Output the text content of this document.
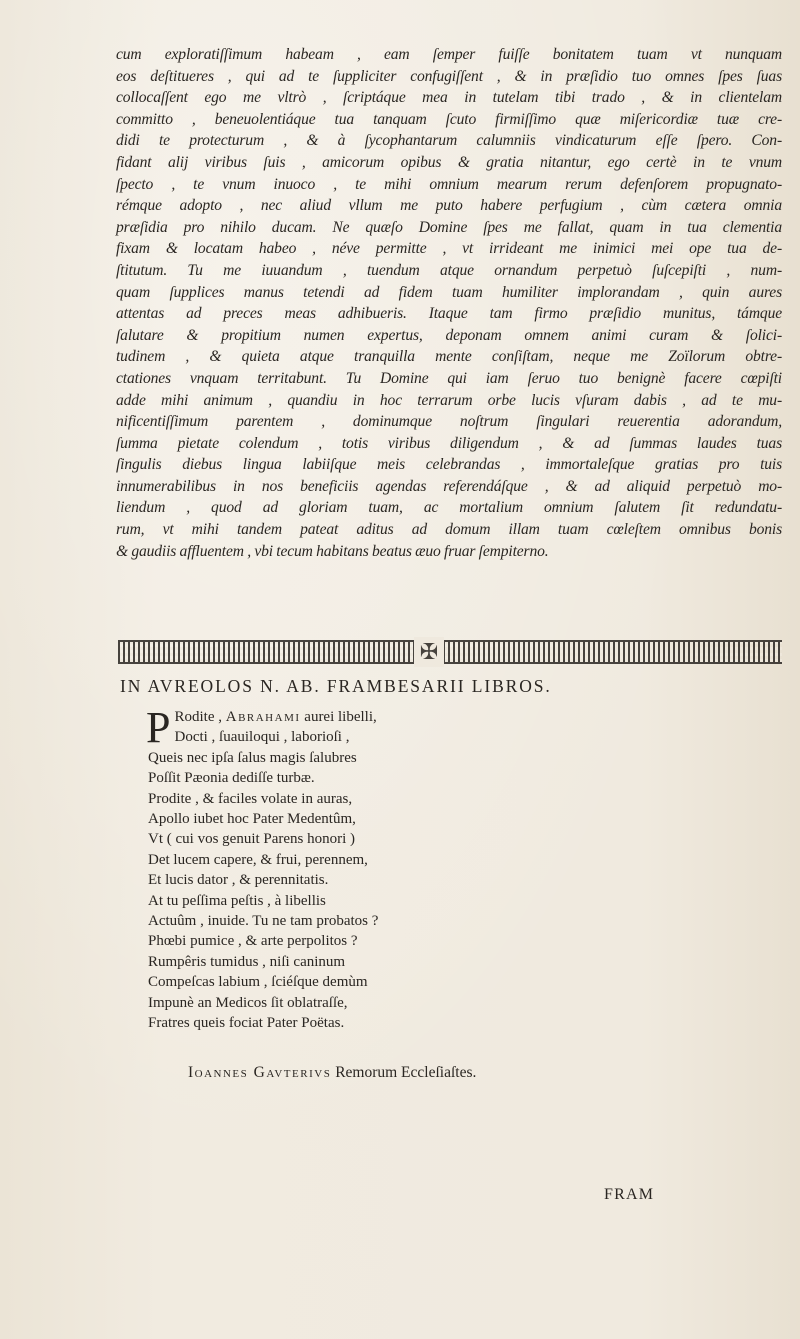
cum exploratiſſimum habeam , eam ſemper fuiſſe bonitatem tuam vt nunquam
eos deſtitueres , qui ad te ſuppliciter confugiſſent , & in præſidio tuo omnes ſpes ſuas
collocaſſent ego me vltrò , ſcriptáque mea in tutelam tibi trado , & in clientelam
committo , beneuolentiáque tua tanquam ſcuto firmiſſimo quæ miſericordiæ tuæ cre-
didi te protecturum , & à ſycophantarum calumniis vindicaturum eſſe ſpero. Con-
fidant alij viribus ſuis , amicorum opibus & gratia nitantur, ego certè in te vnum
ſpecto , te vnum inuoco , te mihi omnium mearum rerum defenſorem propugnato-
rémque adopto , nec aliud vllum me puto habere perfugium , cùm cætera omnia
præſidia pro nihilo ducam. Ne quæſo Domine ſpes me fallat, quam in tua clementia
fixam & locatam habeo , néve permitte , vt irrideant me inimici mei ope tua de-
ſtitutum. Tu me iuuandum , tuendum atque ornandum perpetuò ſuſcepiſti , num-
quam ſupplices manus tetendi ad fidem tuam humiliter implorandam , quin aures
attentas ad preces meas adhibueris. Itaque tam firmo præſidio munitus, támque
ſalutare & propitium numen expertus, deponam omnem animi curam & ſolici-
tudinem , & quieta atque tranquilla mente conſiſtam, neque me Zoïlorum obtre-
ctationes vnquam territabunt. Tu Domine qui iam ſeruo tuo benignè facere cœpiſti
adde mihi animum , quandiu in hoc terrarum orbe lucis vſuram dabis , ad te mu-
nificentiſſimum parentem , dominumque noſtrum ſingulari reuerentia adorandum,
ſumma pietate colendum , totis viribus diligendum , & ad ſummas laudes tuas
ſingulis diebus lingua labiiſque meis celebrandas , immortaleſque gratias pro tuis
innumerabilibus in nos beneficiis agendas referendáſque , & ad aliquid perpetuò mo-
liendum , quod ad gloriam tuam, ac mortalium omnium ſalutem ſit redundatu-
rum, vt mihi tandem pateat aditus ad domum illam tuam cœleſtem omnibus bonis
& gaudiis affluentem , vbi tecum habitans beatus æuo fruar ſempiterno.
✠
IN AVREOLOS N. AB. FRAMBESARII LIBROS.
P Rodite , Abrahami aurei libelli,
Docti , ſuauiloqui , laborioſi ,
Queis nec ipſa ſalus magis ſalubres
Poſſit Pæonia dediſſe turbæ.
Prodite , & faciles volate in auras,
Apollo iubet hoc Pater Medentûm,
Vt ( cui vos genuit Parens honori )
Det lucem capere, & frui, perennem,
Et lucis dator , & perennitatis.
At tu peſſima peſtis , à libellis
Actuûm , inuide. Tu ne tam probatos ?
Phœbi pumice , & arte perpolitos ?
Rumpêris tumidus , niſi caninum
Compeſcas labium , ſciéſque demùm
Impunè an Medicos ſit oblatraſſe,
Fratres queis fociat Pater Poëtas.
Ioannes Gavterivs Remorum Eccleſiaſtes.
FRAM
